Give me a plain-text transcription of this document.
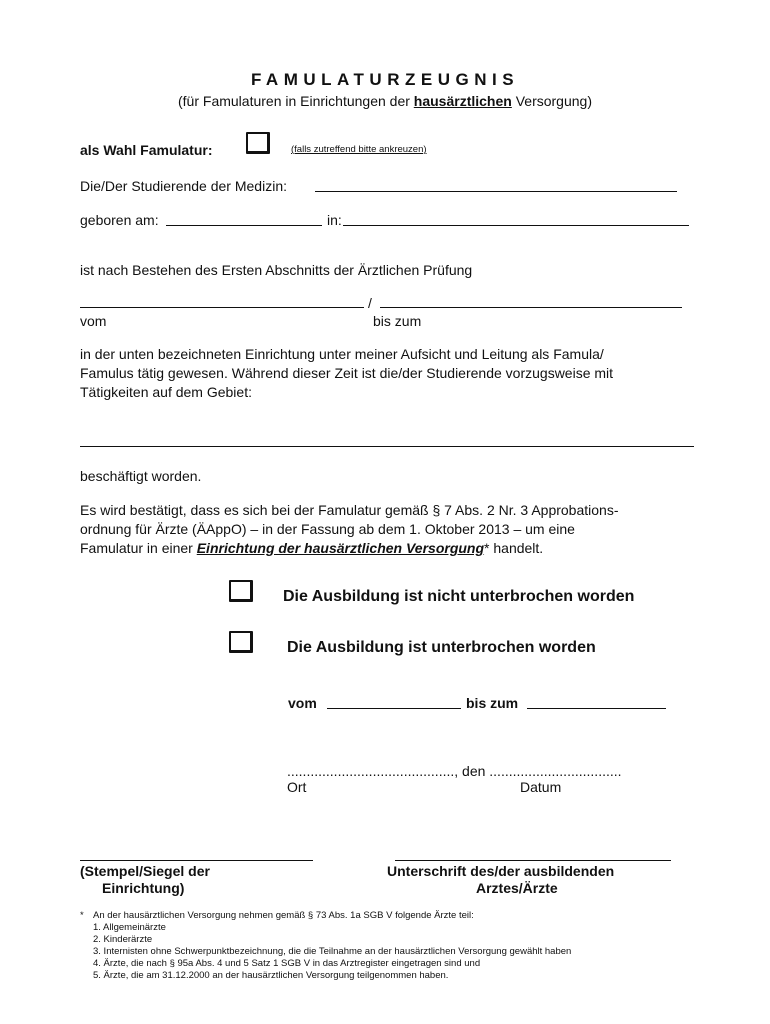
FAMULATURZEUGNIS
(für Famulaturen in Einrichtungen der hausärztlichen Versorgung)
als Wahl Famulatur:	(falls zutreffend bitte ankreuzen)
Die/Der Studierende der Medizin:
geboren am:	in:
ist nach Bestehen des Ersten Abschnitts der Ärztlichen Prüfung
/
vom	bis zum
in der unten bezeichneten Einrichtung unter meiner Aufsicht und Leitung als Famula/
Famulus tätig gewesen. Während dieser Zeit ist die/der Studierende vorzugsweise mit
Tätigkeiten auf dem Gebiet:
beschäftigt worden.
Es wird bestätigt, dass es sich bei der Famulatur gemäß § 7 Abs. 2 Nr. 3 Approbations-
ordnung für Ärzte (ÄAppO) – in der Fassung ab dem 1. Oktober 2013 – um eine
Famulatur in einer Einrichtung der hausärztlichen Versorgung* handelt.
Die Ausbildung ist nicht unterbrochen worden
Die Ausbildung ist unterbrochen worden
vom	bis zum
..........................................., den ..................................
Ort	Datum
(Stempel/Siegel der
Einrichtung)
Unterschrift des/der ausbildenden
Arztes/Ärzte
* An der hausärztlichen Versorgung nehmen gemäß § 73 Abs. 1a SGB V folgende Ärzte teil:
1. Allgemeinärzte
2. Kinderärzte
3. Internisten ohne Schwerpunktbezeichnung, die die Teilnahme an der hausärztlichen Versorgung gewählt haben
4. Ärzte, die nach § 95a Abs. 4 und 5 Satz 1 SGB V in das Arztregister eingetragen sind und
5. Ärzte, die am 31.12.2000 an der hausärztlichen Versorgung teilgenommen haben.
